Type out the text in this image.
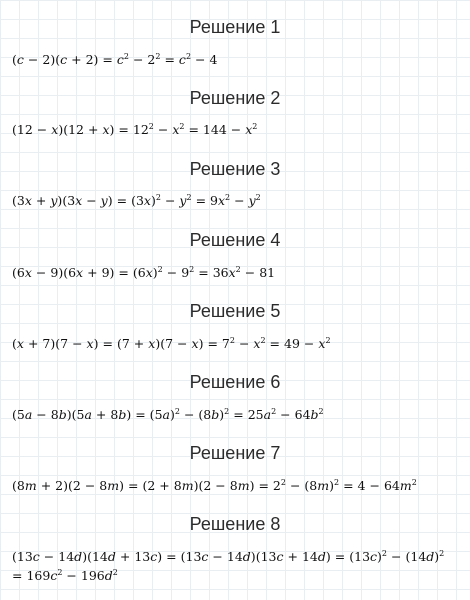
Решение 1
$(c - 2)(c + 2) = c^2 - 2^2 = c^2 - 4$
Решение 2
$(12 - x)(12 + x) = 12^2 - x^2 = 144 - x^2$
Решение 3
$(3x + y)(3x - y) = (3x)^2 - y^2 = 9x^2 - y^2$
Решение 4
$(6x - 9)(6x + 9) = (6x)^2 - 9^2 = 36x^2 - 81$
Решение 5
$(x + 7)(7 - x) = (7 + x)(7 - x) = 7^2 - x^2 = 49 - x^2$
Решение 6
$(5a - 8b)(5a + 8b) = (5a)^2 - (8b)^2 = 25a^2 - 64b^2$
Решение 7
$(8m + 2)(2 - 8m) = (2 + 8m)(2 - 8m) = 2^2 - (8m)^2 = 4 - 64m^2$
Решение 8
$(13c - 14d)(14d + 13c) = (13c - 14d)(13c + 14d) = (13c)^2 - (14d)^2$
= $169c^2 - 196d^2$
